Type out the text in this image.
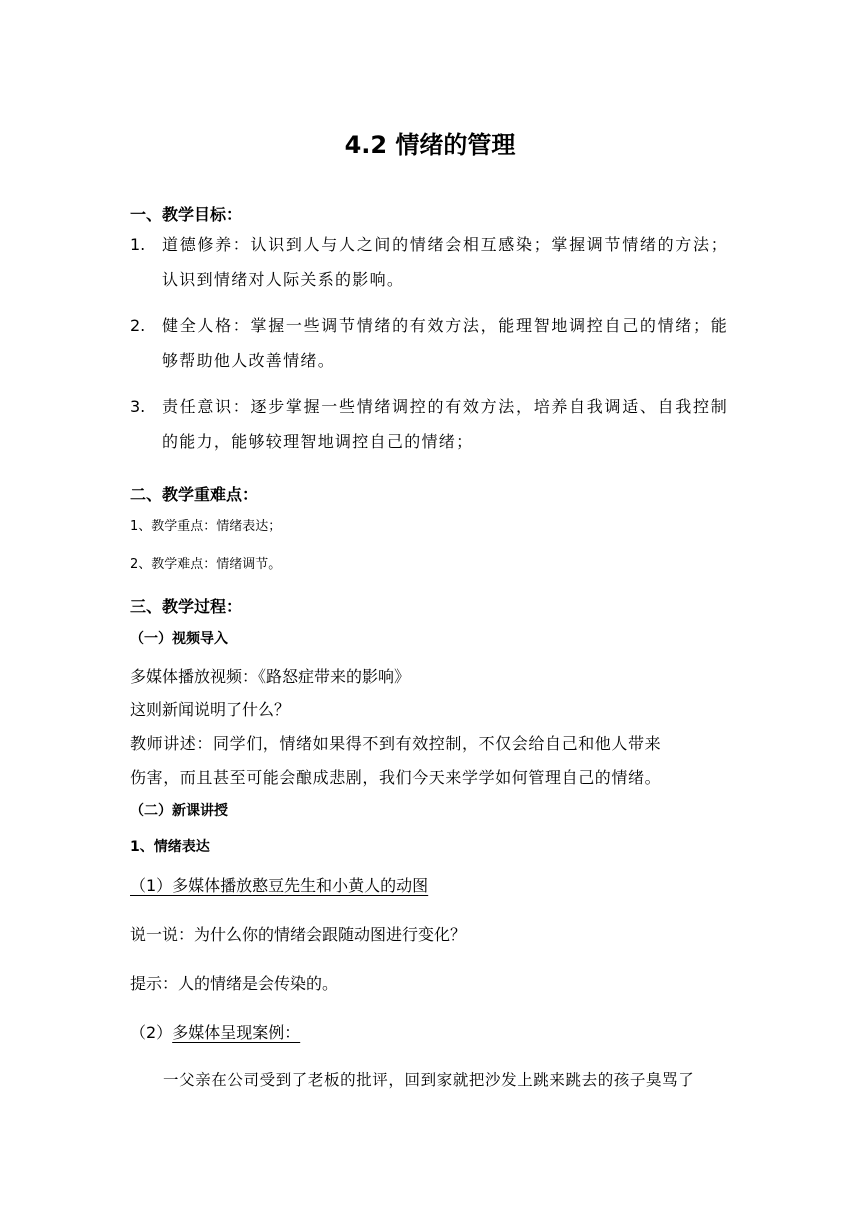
4.2 情绪的管理
一、教学目标：
1. 道德修养：认识到人与人之间的情绪会相互感染；掌握调节情绪的方法；认识到情绪对人际关系的影响。
2. 健全人格：掌握一些调节情绪的有效方法，能理智地调控自己的情绪；能够帮助他人改善情绪。
3. 责任意识：逐步掌握一些情绪调控的有效方法，培养自我调适、自我控制的能力，能够较理智地调控自己的情绪；
二、教学重难点：
1、教学重点：情绪表达；
2、教学难点：情绪调节。
三、教学过程：
（一）视频导入
多媒体播放视频：《路怒症带来的影响》
这则新闻说明了什么？
教师讲述：同学们，情绪如果得不到有效控制，不仅会给自己和他人带来
伤害，而且甚至可能会酿成悲剧，我们今天来学学如何管理自己的情绪。
（二）新课讲授
1、情绪表达
（1）多媒体播放憨豆先生和小黄人的动图
说一说：为什么你的情绪会跟随动图进行变化？
提示：人的情绪是会传染的。
（2）多媒体呈现案例：
一父亲在公司受到了老板的批评，回到家就把沙发上跳来跳去的孩子臭骂了
